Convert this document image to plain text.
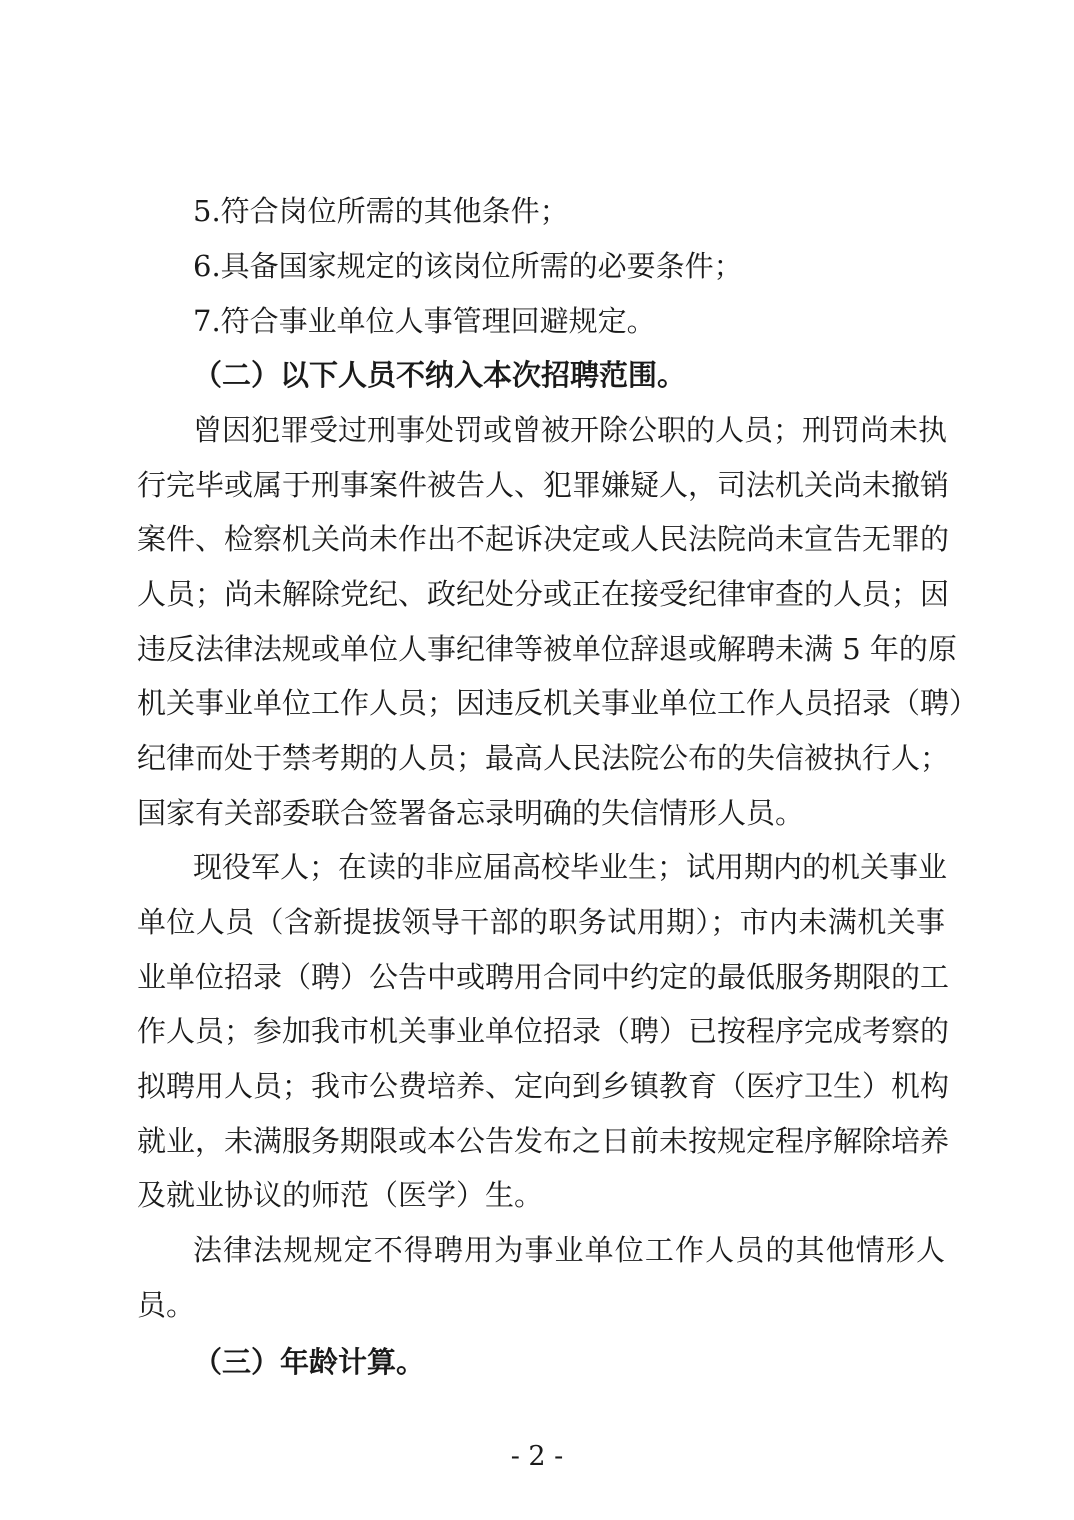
5.符合岗位所需的其他条件；
6.具备国家规定的该岗位所需的必要条件；
7.符合事业单位人事管理回避规定。
（二）以下人员不纳入本次招聘范围。
曾因犯罪受过刑事处罚或曾被开除公职的人员；刑罚尚未执
行完毕或属于刑事案件被告人、犯罪嫌疑人，司法机关尚未撤销
案件、检察机关尚未作出不起诉决定或人民法院尚未宣告无罪的
人员；尚未解除党纪、政纪处分或正在接受纪律审查的人员；因
违反法律法规或单位人事纪律等被单位辞退或解聘未满 5 年的原
机关事业单位工作人员；因违反机关事业单位工作人员招录（聘）
纪律而处于禁考期的人员；最高人民法院公布的失信被执行人；
国家有关部委联合签署备忘录明确的失信情形人员。
现役军人；在读的非应届高校毕业生；试用期内的机关事业
单位人员（含新提拔领导干部的职务试用期）；市内未满机关事
业单位招录（聘）公告中或聘用合同中约定的最低服务期限的工
作人员；参加我市机关事业单位招录（聘）已按程序完成考察的
拟聘用人员；我市公费培养、定向到乡镇教育（医疗卫生）机构
就业，未满服务期限或本公告发布之日前未按规定程序解除培养
及就业协议的师范（医学）生。
法律法规规定不得聘用为事业单位工作人员的其他情形人
员。
（三）年龄计算。
- 2 -
